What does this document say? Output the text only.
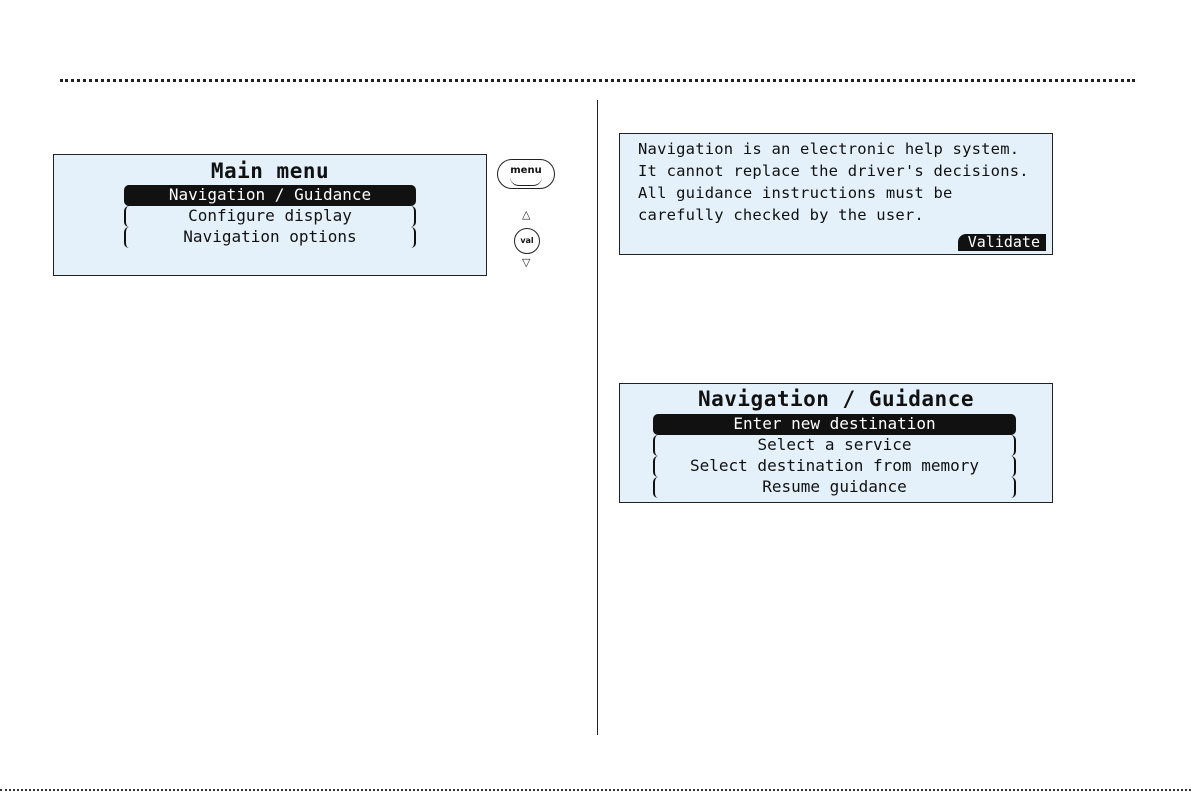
Main menu
Navigation / Guidance
Configure display
Navigation options
menu
△
val
▽
Navigation is an electronic help system.
It cannot replace the driver's decisions.
All guidance instructions must be
carefully checked by the user.
Validate
Navigation / Guidance
Enter new destination
Select a service
Select destination from memory
Resume guidance
